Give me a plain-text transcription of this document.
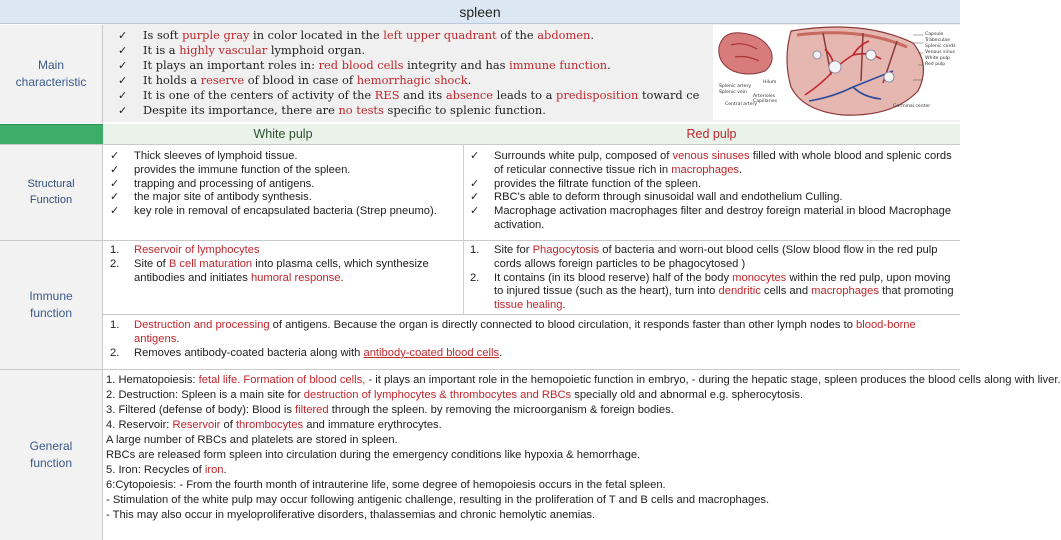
spleen
Main characteristic
Structural Function
Immune function
General function
✓ Is soft purple gray in color located in the left upper quadrant of the abdomen.
✓ It is a highly vascular lymphoid organ.
✓ It plays an important roles in: red blood cells integrity and has immune function.
✓ It holds a reserve of blood in case of hemorrhagic shock.
✓ It is one of the centers of activity of the RES and its absence leads to a predisposition toward ce
✓ Despite its importance, there are no tests specific to splenic function.
Capsule
Trabeculae
Splenic cords
Venous sinus
White pulp
Red pulp
Splenic artery
Splenic vein
Hilum
Arterioles
Capillaries
Central artery	Germinal center
White pulp	Red pulp
✓ Thick sleeves of lymphoid tissue.
✓ provides the immune function of the spleen.
✓ trapping and processing of antigens.
✓ the major site of antibody synthesis.
✓ key role in removal of encapsulated bacteria (Strep pneumo).
✓ Surrounds white pulp, composed of venous sinuses filled with whole blood and splenic cords of reticular connective tissue rich in macrophages.
✓ provides the filtrate function of the spleen.
✓ RBC's able to deform through sinusoidal wall and endothelium Culling.
✓ Macrophage activation macrophages filter and destroy foreign material in blood Macrophage activation.
1. Reservoir of lymphocytes
2. Site of B cell maturation into plasma cells, which synthesize antibodies and initiates humoral response.
1. Site for Phagocytosis of bacteria and worn-out blood cells (Slow blood flow in the red pulp cords allows foreign particles to be phagocytosed )
2. It contains (in its blood reserve) half of the body monocytes within the red pulp, upon moving to injured tissue (such as the heart), turn into dendritic cells and macrophages that promoting tissue healing.
1. Destruction and processing of antigens. Because the organ is directly connected to blood circulation, it responds faster than other lymph nodes to blood-borne antigens.
2. Removes antibody-coated bacteria along with antibody-coated blood cells.

1. Hematopoiesis: fetal life. Formation of blood cells, - it plays an important role in the hemopoietic function in embryo, - during the hepatic stage, spleen produces the blood cells along with liver.

2. Destruction: Spleen is a main site for destruction of lymphocytes & thrombocytes and RBCs specially old and abnormal e.g. spherocytosis.

3. Filtered (defense of body): Blood is filtered through the spleen. by removing the microorganism & foreign bodies.

4. Reservoir: Reservoir of thrombocytes and immature erythrocytes.

A large number of RBCs and platelets are stored in spleen.

RBCs are released form spleen into circulation during the emergency conditions like hypoxia & hemorrhage.

5. Iron: Recycles of iron.

6:Cytopoiesis: - From the fourth month of intrauterine life, some degree of hemopoiesis occurs in the fetal spleen.

- Stimulation of the white pulp may occur following antigenic challenge, resulting in the proliferation of T and B cells and macrophages.

- This may also occur in myeloproliferative disorders, thalassemias and chronic hemolytic anemias.
